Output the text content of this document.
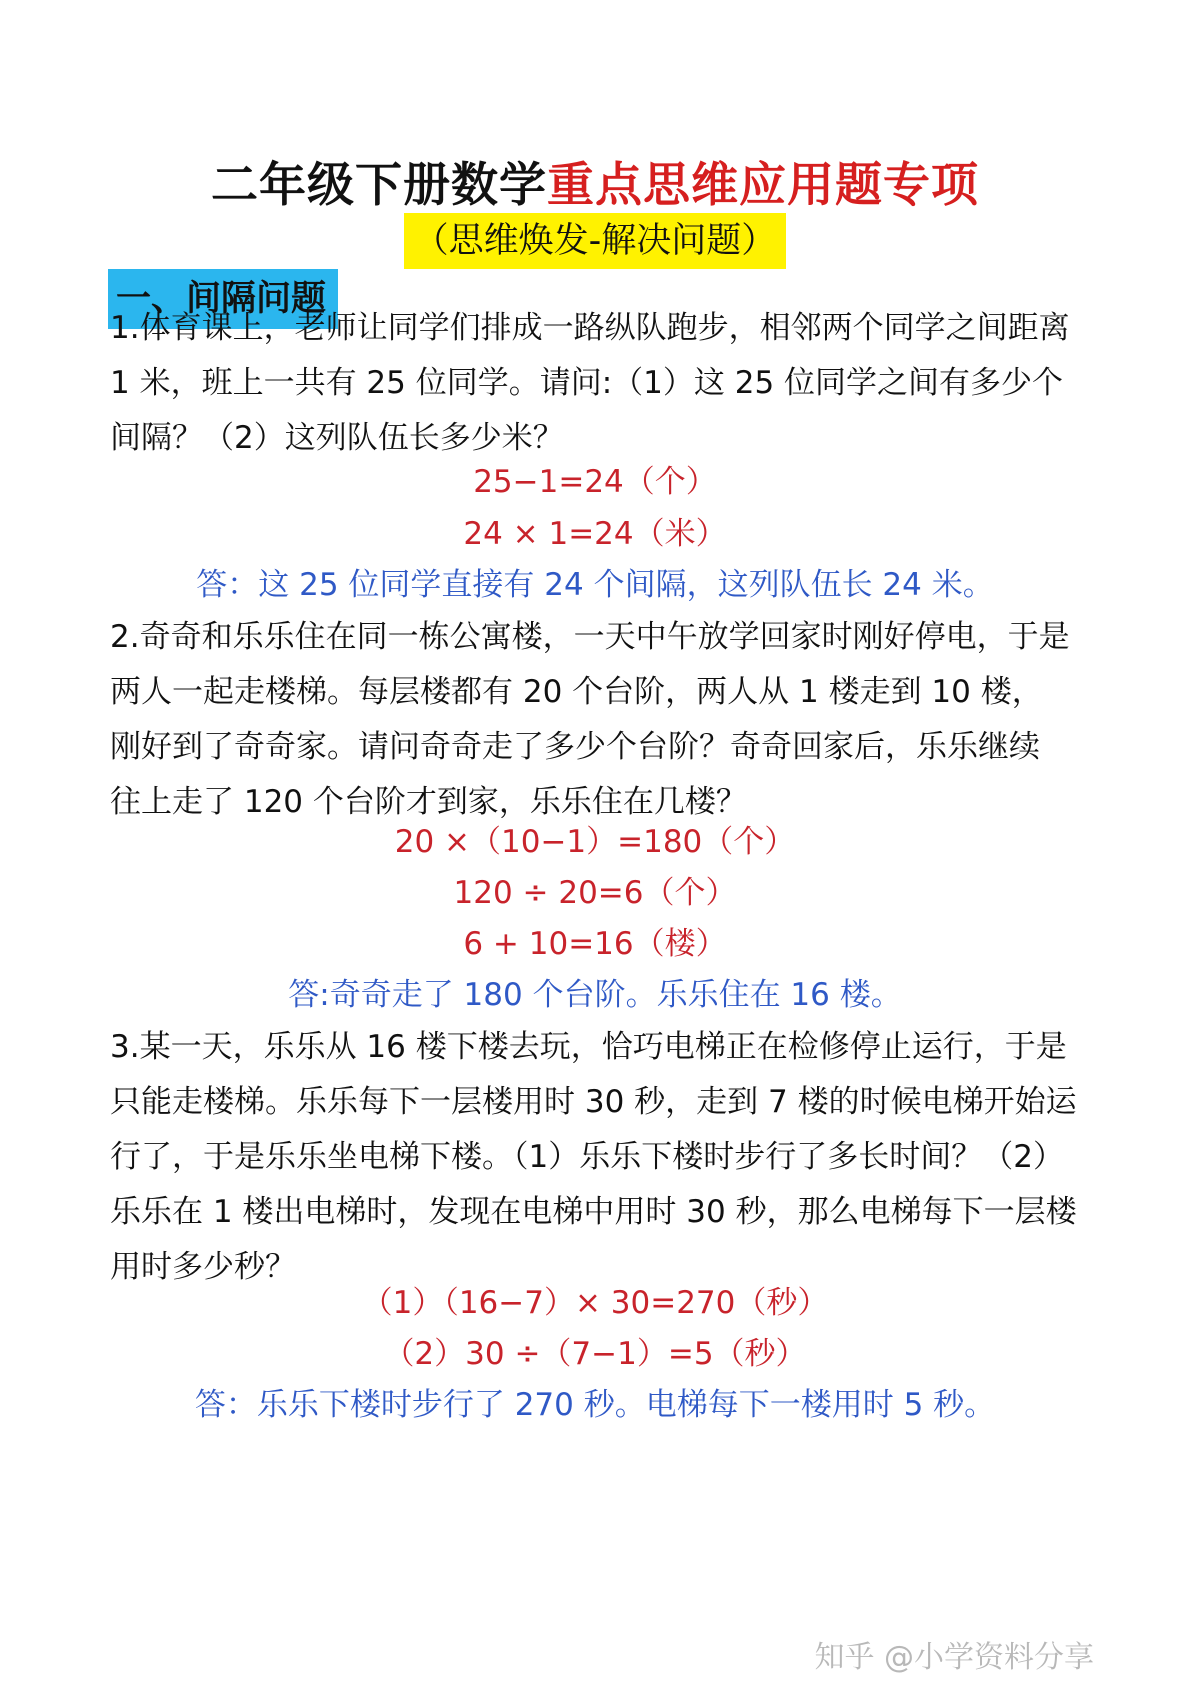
二年级下册数学重点思维应用题专项
（思维焕发-解决问题）
一、间隔问题
1.体育课上，老师让同学们排成一路纵队跑步，相邻两个同学之间距离
1 米，班上一共有 25 位同学。请问:（1）这 25 位同学之间有多少个
间隔？（2）这列队伍长多少米？
25−1=24（个）
24 × 1=24（米）
答：这 25 位同学直接有 24 个间隔，这列队伍长 24 米。
2.奇奇和乐乐住在同一栋公寓楼，一天中午放学回家时刚好停电，于是
两人一起走楼梯。每层楼都有 20 个台阶，两人从 1 楼走到 10 楼，
刚好到了奇奇家。请问奇奇走了多少个台阶？奇奇回家后，乐乐继续
往上走了 120 个台阶才到家，乐乐住在几楼？
20 ×（10−1）=180（个）
120 ÷ 20=6（个）
6 + 10=16（楼）
答:奇奇走了 180 个台阶。乐乐住在 16 楼。
3.某一天，乐乐从 16 楼下楼去玩，恰巧电梯正在检修停止运行，于是
只能走楼梯。乐乐每下一层楼用时 30 秒，走到 7 楼的时候电梯开始运
行了，于是乐乐坐电梯下楼。（1）乐乐下楼时步行了多长时间？（2）
乐乐在 1 楼出电梯时，发现在电梯中用时 30 秒，那么电梯每下一层楼
用时多少秒？
（1）（16−7）× 30=270（秒）
（2）30 ÷（7−1）=5（秒）
答：乐乐下楼时步行了 270 秒。电梯每下一楼用时 5 秒。
知乎 @小学资料分享
